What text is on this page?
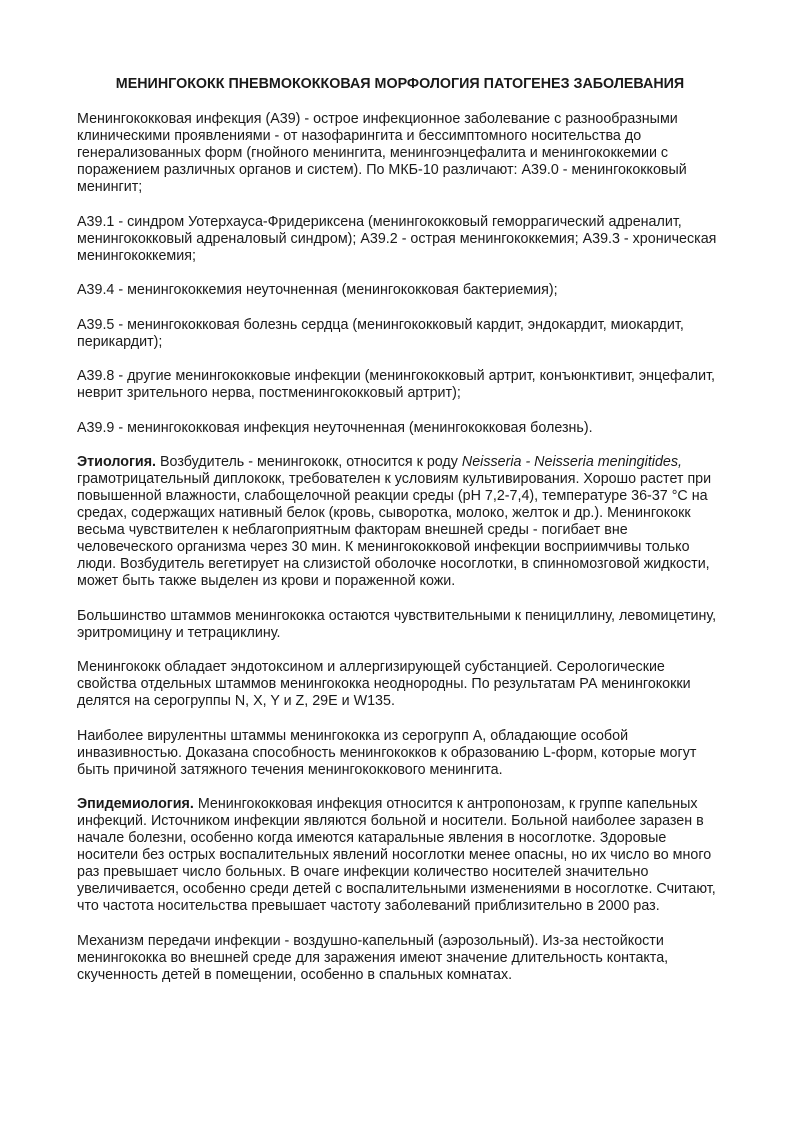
МЕНИНГОКОКК ПНЕВМОКОККОВАЯ МОРФОЛОГИЯ ПАТОГЕНЕЗ ЗАБОЛЕВАНИЯ

Менингококковая инфекция (А39) - острое инфекционное заболевание с разнообразными клиническими проявлениями - от назофарингита и бессимптомного носительства до генерализованных форм (гнойного менингита, менингоэнцефалита и менингококкемии с поражением различных органов и систем). По МКБ-10 различают: А39.0 - менингококковый менингит;

А39.1 - синдром Уотерхауса-Фридериксена (менингококковый геморрагический адреналит, менингококковый адреналовый синдром); А39.2 - острая менингококкемия; А39.3 - хроническая менингококкемия;

А39.4 - менингококкемия неуточненная (менингококковая бактериемия);

А39.5 - менингококковая болезнь сердца (менингококковый кардит, эндокардит, миокардит, перикардит);

А39.8 - другие менингококковые инфекции (менингококковый артрит, конъюнктивит, энцефалит, неврит зрительного нерва, постменингококковый артрит);

А39.9 - менингококковая инфекция неуточненная (менингококковая болезнь).

Этиология. Возбудитель - менингококк, относится к роду Neisseria - Neisseria meningitides, грамотрицательный диплококк, требователен к условиям культивирования. Хорошо растет при повышенной влажности, слабощелочной реакции среды (рН 7,2-7,4), температуре 36-37 °С на средах, содержащих нативный белок (кровь, сыворотка, молоко, желток и др.). Менингококк весьма чувствителен к неблагоприятным факторам внешней среды - погибает вне человеческого организма через 30 мин. К менингококковой инфекции восприимчивы только люди. Возбудитель вегетирует на слизистой оболочке носоглотки, в спинномозговой жидкости, может быть также выделен из крови и пораженной кожи.

Большинство штаммов менингококка остаются чувствительными к пенициллину, левомицетину, эритромицину и тетрациклину.

Менингококк обладает эндотоксином и аллергизирующей субстанцией. Серологические свойства отдельных штаммов менингококка неоднородны. По результатам РА менингококки делятся на серогруппы N, X, Y и Z, 29E и W135.

Наиболее вирулентны штаммы менингококка из серогрупп А, обладающие особой инвазивностью. Доказана способность менингококков к образованию L-форм, которые могут быть причиной затяжного течения менингококкового менингита.

Эпидемиология. Менингококковая инфекция относится к антропонозам, к группе капельных инфекций. Источником инфекции являются больной и носители. Больной наиболее заразен в начале болезни, особенно когда имеются катаральные явления в носоглотке. Здоровые носители без острых воспалительных явлений носоглотки менее опасны, но их число во много раз превышает число больных. В очаге инфекции количество носителей значительно увеличивается, особенно среди детей с воспалительными изменениями в носоглотке. Считают, что частота носительства превышает частоту заболеваний приблизительно в 2000 раз.

Механизм передачи инфекции - воздушно-капельный (аэрозольный). Из-за нестойкости менингококка во внешней среде для заражения имеют значение длительность контакта, скученность детей в помещении, особенно в спальных комнатах.
